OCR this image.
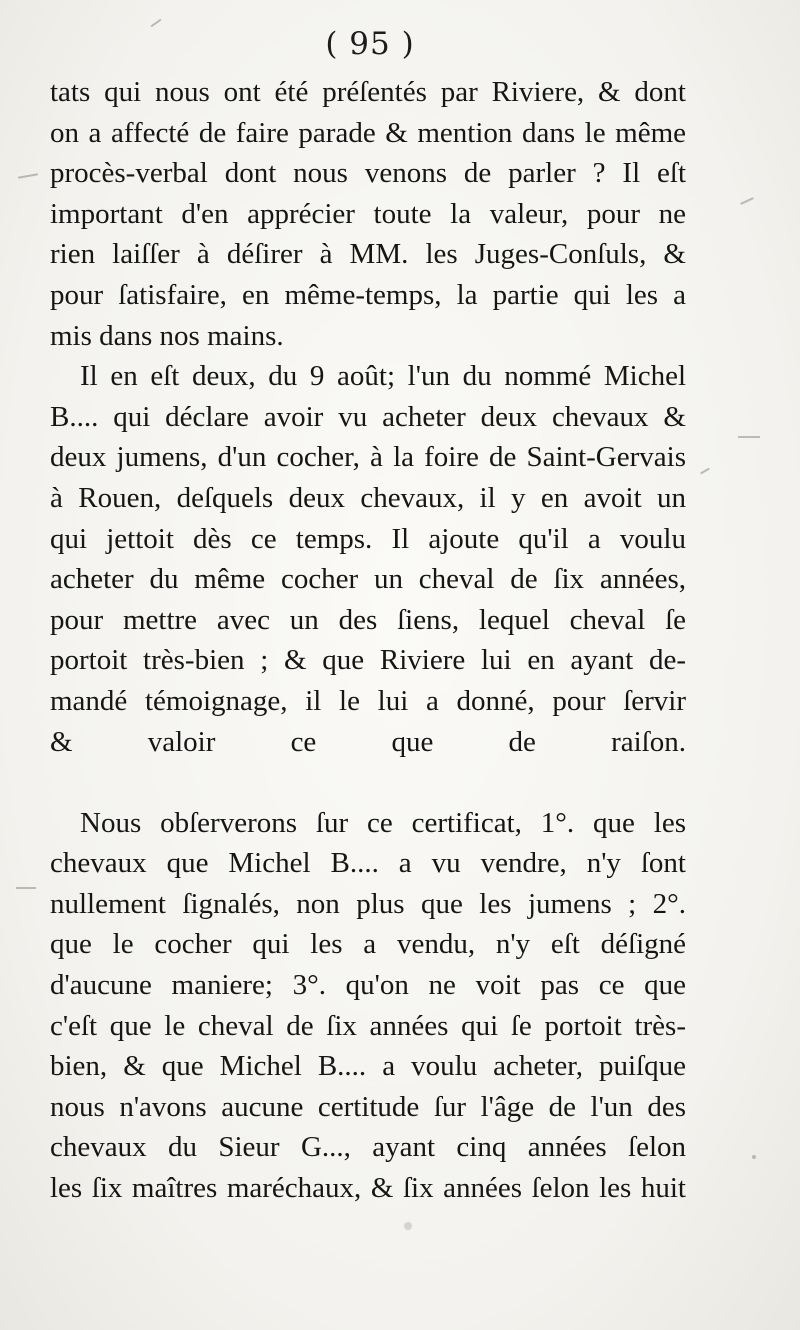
( 95 )
tats qui nous ont été préſentés par Riviere, & dont
on a affecté de faire parade & mention dans le même
procès-verbal dont nous venons de parler ? Il eſt
important d'en apprécier toute la valeur, pour ne
rien laiſſer à déſirer à MM. les Juges-Conſuls, &
pour ſatisfaire, en même-temps, la partie qui les a
mis dans nos mains.
Il en eſt deux, du 9 août; l'un du nommé Michel
B.... qui déclare avoir vu acheter deux chevaux &
deux jumens, d'un cocher, à la foire de Saint-Gervais
à Rouen, deſquels deux chevaux, il y en avoit un
qui jettoit dès ce temps. Il ajoute qu'il a voulu
acheter du même cocher un cheval de ſix années,
pour mettre avec un des ſiens, lequel cheval ſe
portoit très-bien ; & que Riviere lui en ayant de-
mandé témoignage, il le lui a donné, pour ſervir
& valoir ce que de raiſon.
Nous obſerverons ſur ce certificat, 1°. que les
chevaux que Michel B.... a vu vendre, n'y ſont
nullement ſignalés, non plus que les jumens ; 2°.
que le cocher qui les a vendu, n'y eſt déſigné
d'aucune maniere; 3°. qu'on ne voit pas ce que
c'eſt que le cheval de ſix années qui ſe portoit très-
bien, & que Michel B.... a voulu acheter, puiſque
nous n'avons aucune certitude ſur l'âge de l'un des
chevaux du Sieur G..., ayant cinq années ſelon
les ſix maîtres maréchaux, & ſix années ſelon les huit
